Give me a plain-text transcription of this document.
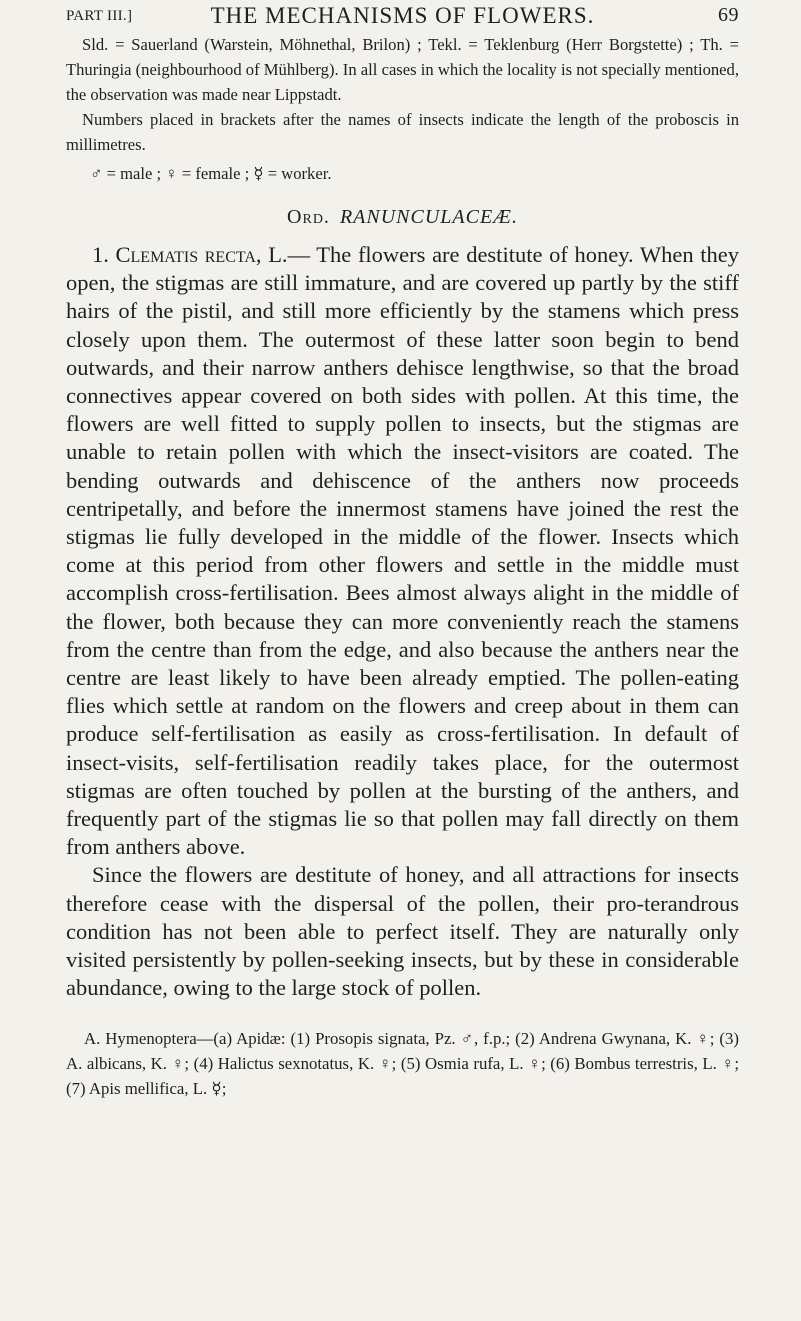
PART III.]	THE MECHANISMS OF FLOWERS.	69

Sld. = Sauerland (Warstein, Möhnethal, Brilon) ; Tekl. = Teklenburg (Herr Borgstette) ; Th. = Thuringia (neighbourhood of Mühlberg). In all cases in which the locality is not specially mentioned, the observation was made near Lippstadt.

Numbers placed in brackets after the names of insects indicate the length of the proboscis in millimetres.

♂ = male ; ♀ = female ; ☿ = worker.

Ord. RANUNCULACEÆ.

1. Clematis recta, L.— The flowers are destitute of honey. When they open, the stigmas are still immature, and are covered up partly by the stiff hairs of the pistil, and still more efficiently by the stamens which press closely upon them. The outermost of these latter soon begin to bend outwards, and their narrow anthers dehisce lengthwise, so that the broad connectives appear covered on both sides with pollen. At this time, the flowers are well fitted to supply pollen to insects, but the stigmas are unable to retain pollen with which the insect-visitors are coated. The bending outwards and dehiscence of the anthers now proceeds centripetally, and before the innermost stamens have joined the rest the stigmas lie fully developed in the middle of the flower. Insects which come at this period from other flowers and settle in the middle must accomplish cross-fertilisation. Bees almost always alight in the middle of the flower, both because they can more conveniently reach the stamens from the centre than from the edge, and also because the anthers near the centre are least likely to have been already emptied. The pollen-eating flies which settle at random on the flowers and creep about in them can produce self-fertilisation as easily as cross-fertilisation. In default of insect-visits, self-fertilisation readily takes place, for the outermost stigmas are often touched by pollen at the bursting of the anthers, and frequently part of the stigmas lie so that pollen may fall directly on them from anthers above.

Since the flowers are destitute of honey, and all attractions for insects therefore cease with the dispersal of the pollen, their pro-terandrous condition has not been able to perfect itself. They are naturally only visited persistently by pollen-seeking insects, but by these in considerable abundance, owing to the large stock of pollen.

A. Hymenoptera—(a) Apidæ: (1) Prosopis signata, Pz. ♂, f.p.; (2) Andrena Gwynana, K. ♀; (3) A. albicans, K. ♀; (4) Halictus sexnotatus, K. ♀; (5) Osmia rufa, L. ♀; (6) Bombus terrestris, L. ♀; (7) Apis mellifica, L. ☿;
